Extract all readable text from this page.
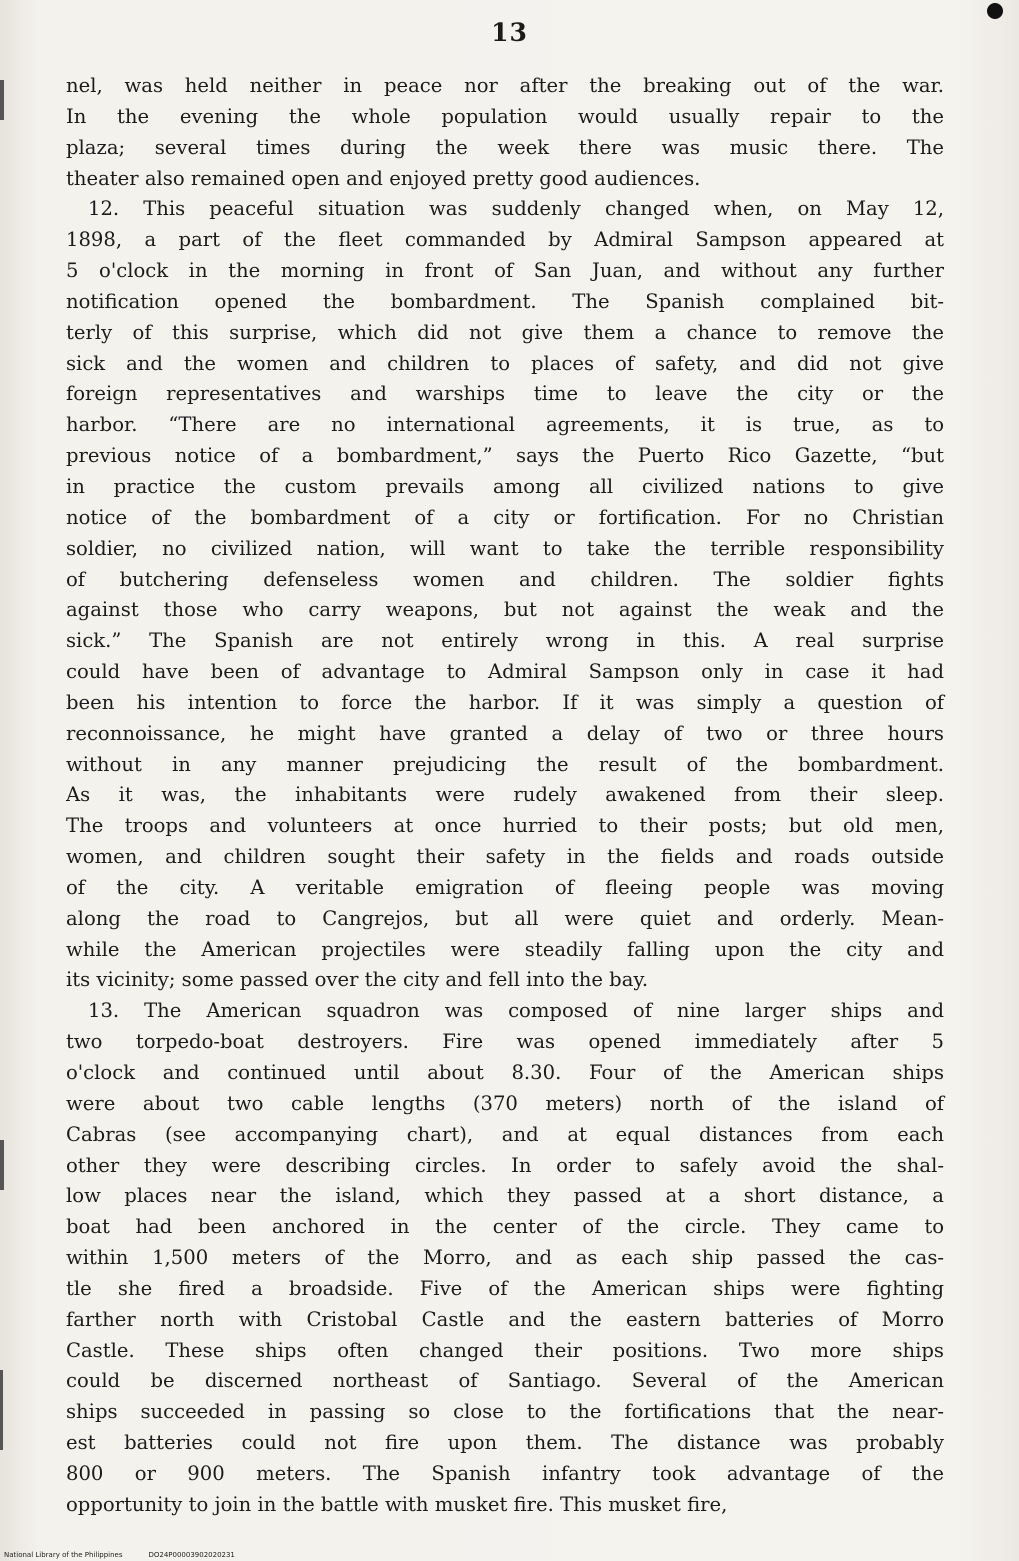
13
nel, was held neither in peace nor after the breaking out of the war.
In the evening the whole population would usually repair to the
plaza; several times during the week there was music there. The
theater also remained open and enjoyed pretty good audiences.
12. This peaceful situation was suddenly changed when, on May 12,
1898, a part of the fleet commanded by Admiral Sampson appeared at
5 o'clock in the morning in front of San Juan, and without any further
notification opened the bombardment. The Spanish complained bit-
terly of this surprise, which did not give them a chance to remove the
sick and the women and children to places of safety, and did not give
foreign representatives and warships time to leave the city or the
harbor. “There are no international agreements, it is true, as to
previous notice of a bombardment,” says the Puerto Rico Gazette, “but
in practice the custom prevails among all civilized nations to give
notice of the bombardment of a city or fortification. For no Christian
soldier, no civilized nation, will want to take the terrible responsibility
of butchering defenseless women and children. The soldier fights
against those who carry weapons, but not against the weak and the
sick.” The Spanish are not entirely wrong in this. A real surprise
could have been of advantage to Admiral Sampson only in case it had
been his intention to force the harbor. If it was simply a question of
reconnoissance, he might have granted a delay of two or three hours
without in any manner prejudicing the result of the bombardment.
As it was, the inhabitants were rudely awakened from their sleep.
The troops and volunteers at once hurried to their posts; but old men,
women, and children sought their safety in the fields and roads outside
of the city. A veritable emigration of fleeing people was moving
along the road to Cangrejos, but all were quiet and orderly. Mean-
while the American projectiles were steadily falling upon the city and
its vicinity; some passed over the city and fell into the bay.
13. The American squadron was composed of nine larger ships and
two torpedo-boat destroyers. Fire was opened immediately after 5
o'clock and continued until about 8.30. Four of the American ships
were about two cable lengths (370 meters) north of the island of
Cabras (see accompanying chart), and at equal distances from each
other they were describing circles. In order to safely avoid the shal-
low places near the island, which they passed at a short distance, a
boat had been anchored in the center of the circle. They came to
within 1,500 meters of the Morro, and as each ship passed the cas-
tle she fired a broadside. Five of the American ships were fighting
farther north with Cristobal Castle and the eastern batteries of Morro
Castle. These ships often changed their positions. Two more ships
could be discerned northeast of Santiago. Several of the American
ships succeeded in passing so close to the fortifications that the near-
est batteries could not fire upon them. The distance was probably
800 or 900 meters. The Spanish infantry took advantage of the
opportunity to join in the battle with musket fire. This musket fire,
National Library of the Philippines	DO24P00003902020231
